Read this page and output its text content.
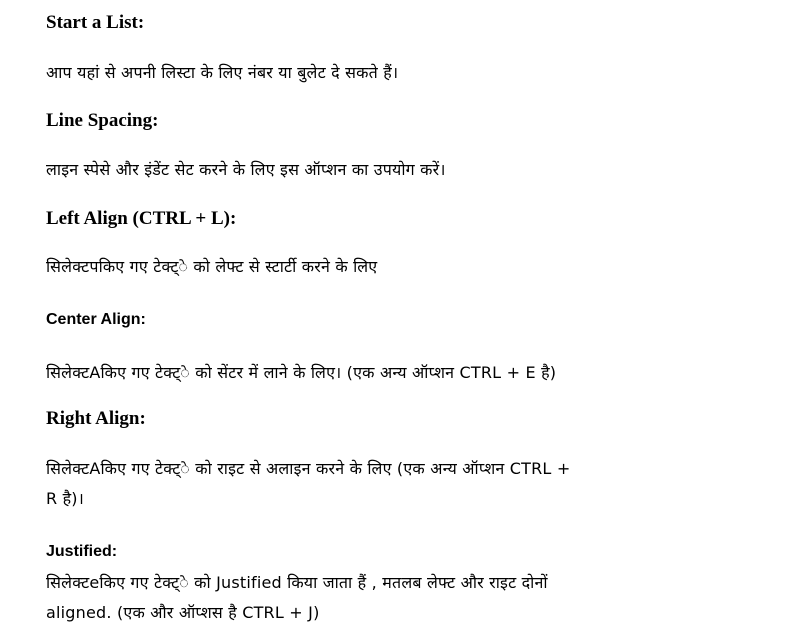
Start a List:
आप यहां से अपनी लिस्टा के लिए नंबर या बुलेट दे सकते हैं।
Line Spacing:
लाइन स्पेसे और इंडेंट सेट करने के लिए इस ऑप्शन का उपयोग करें।
Left Align (CTRL + L):
सिलेक्टपकिए गए टेक्ट्े को लेफ्ट से स्टार्टी करने के लिए
Center Align:
सिलेक्टAकिए गए टेक्ट्े को सेंटर में लाने के लिए। (एक अन्य ऑप्शन CTRL + E है)
Right Align:
सिलेक्टAकिए गए टेक्ट्े को राइट से अलाइन करने के लिए (एक अन्य ऑप्शन CTRL +
R है)।
Justified:
सिलेक्टeकिए गए टेक्ट्े को Justified किया जाता हैं , मतलब लेफ्ट और राइट दोनों
aligned. (एक और ऑप्शस है CTRL + J)
